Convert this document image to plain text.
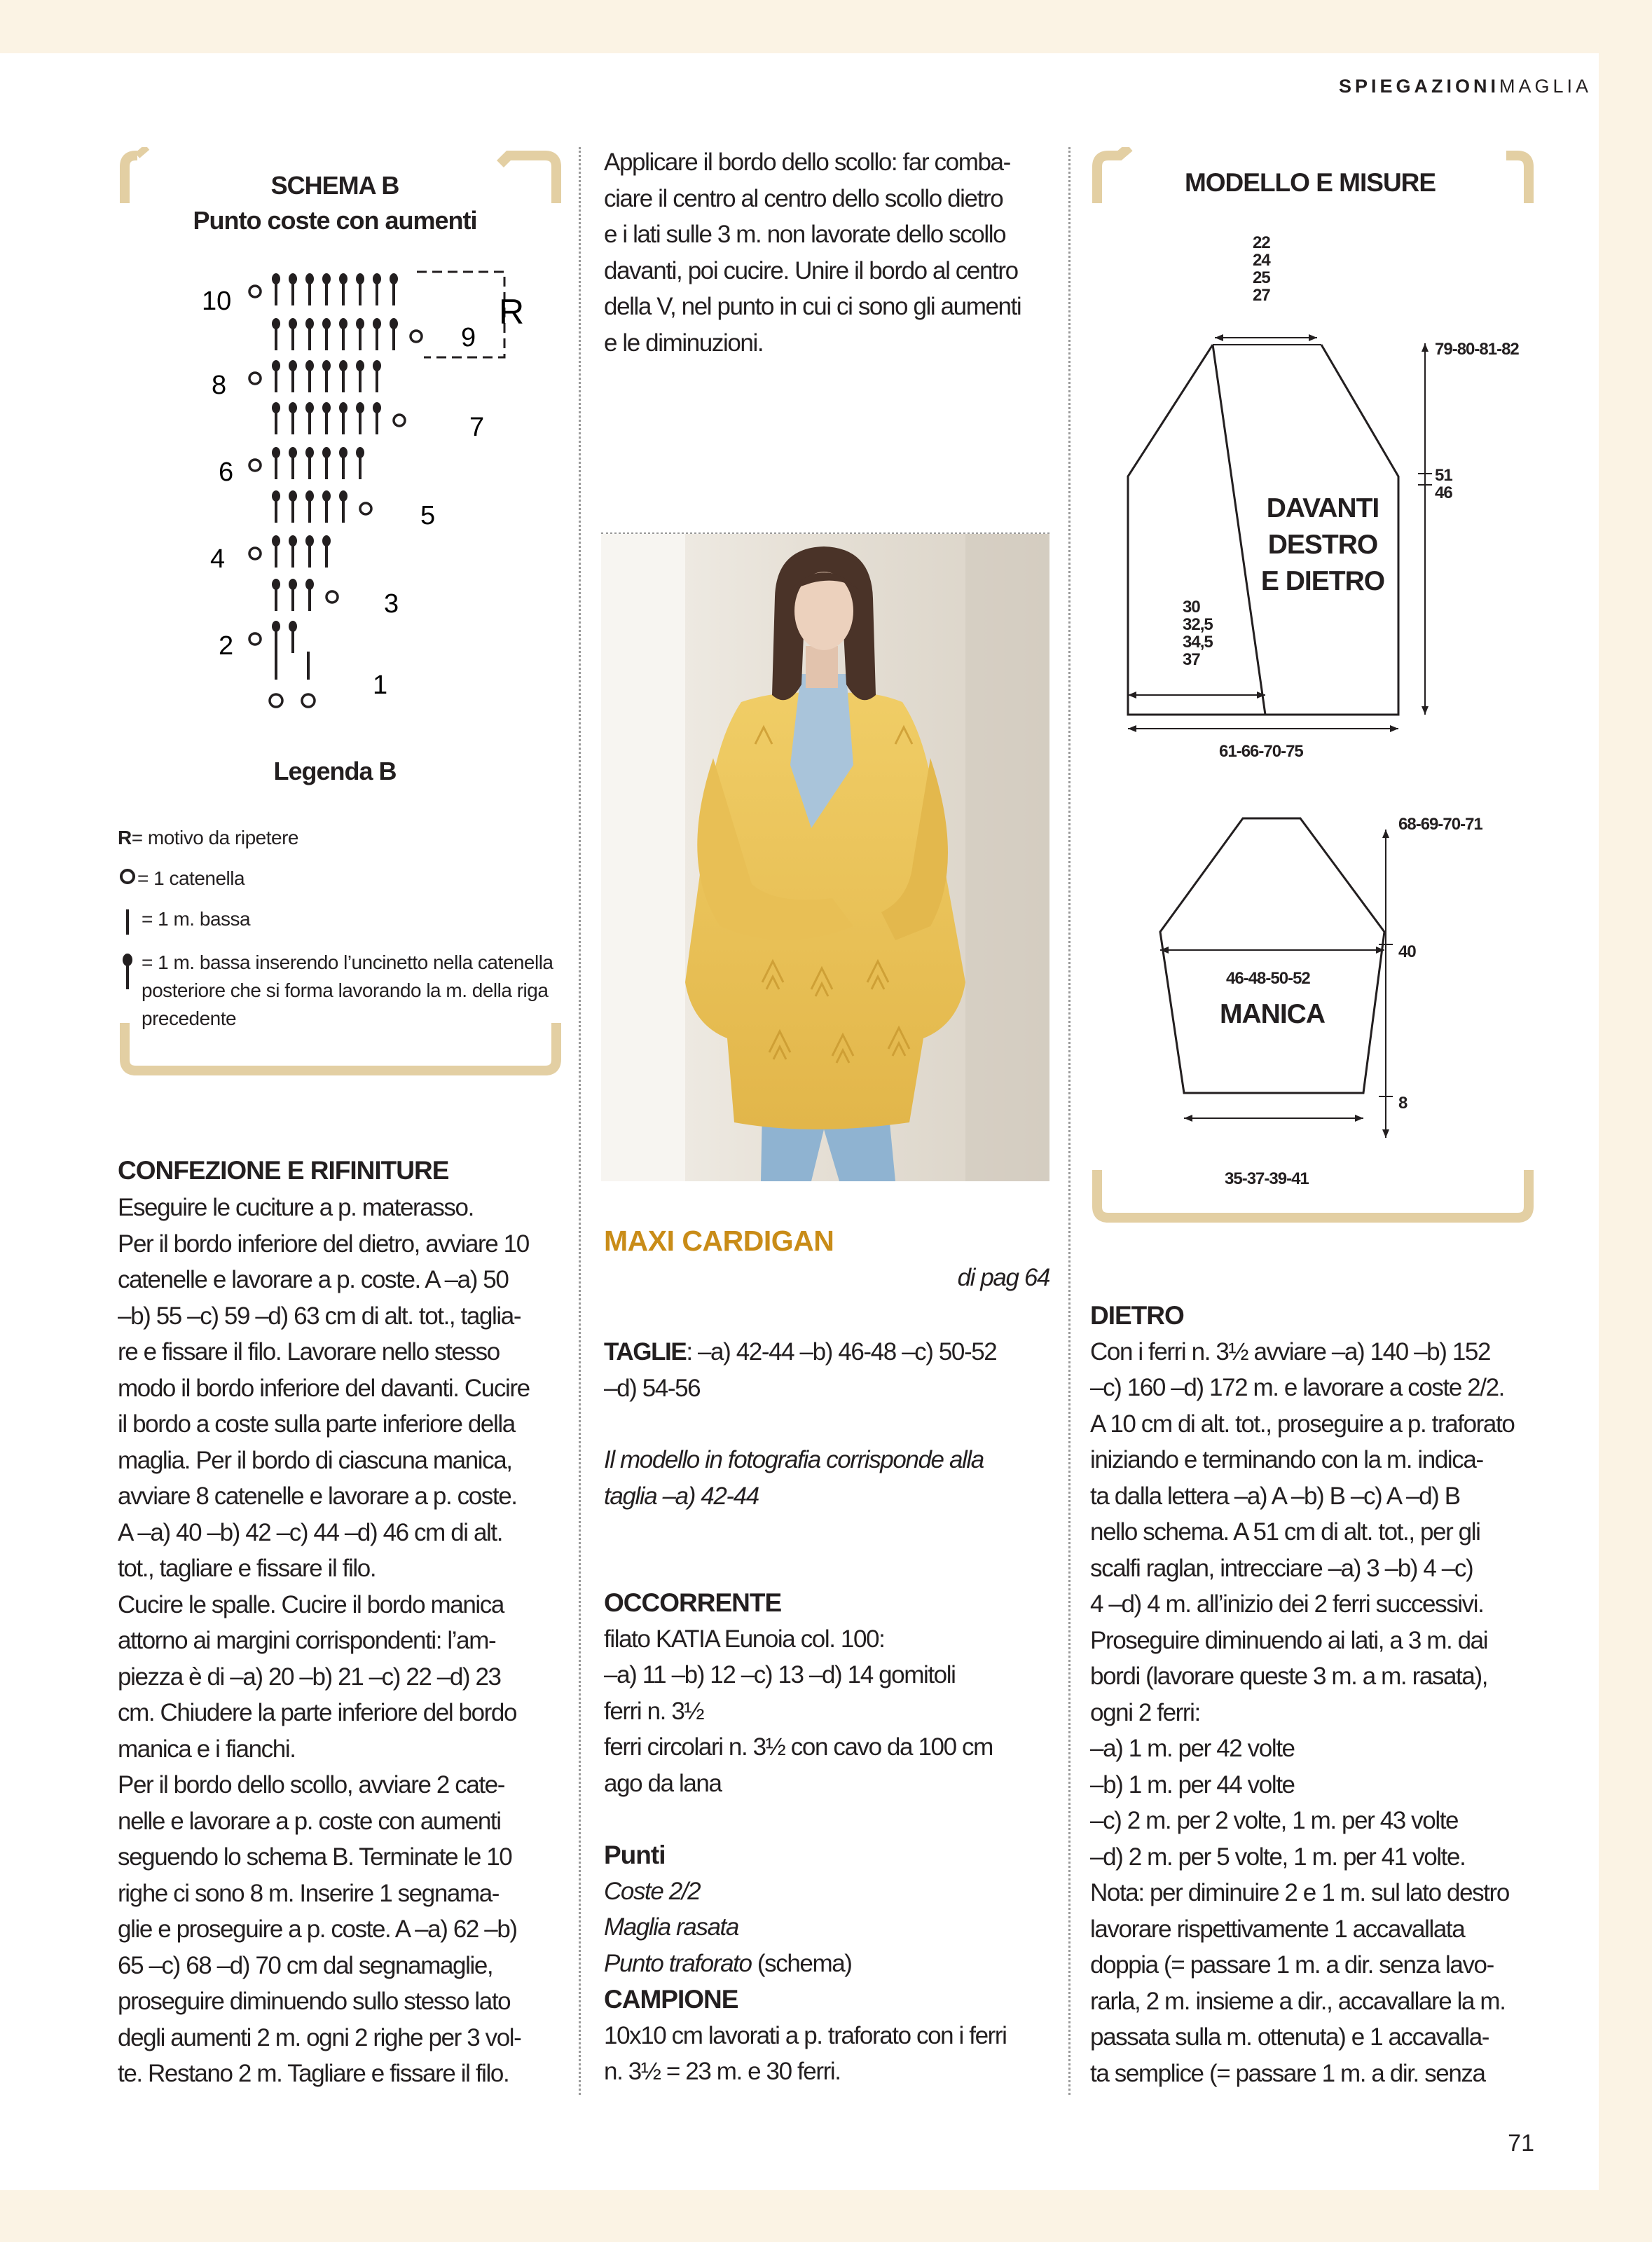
SPIEGAZIONIMAGLIA
SCHEMA B
Punto coste con aumenti
R
10
9
8
7
6
5
4
3
2
1
Legenda B
R = motivo da ripetere
= 1 catenella
= 1 m. bassa
= 1 m. bassa inserendo l’uncinetto nella catenella posteriore che si forma lavorando la m. della riga precedente

CONFEZIONE E RIFINITURE

Eseguire le cuciture a p. materasso.

Per il bordo inferiore del dietro, avviare 10

catenelle e lavorare a p. coste. A –a) 50

–b) 55 –c) 59 –d) 63 cm di alt. tot., taglia-

re e fissare il filo. Lavorare nello stesso

modo il bordo inferiore del davanti. Cucire

il bordo a coste sulla parte inferiore della

maglia. Per il bordo di ciascuna manica,

avviare 8 catenelle e lavorare a p. coste.

A –a) 40 –b) 42 –c) 44 –d) 46 cm di alt.

tot., tagliare e fissare il filo.

Cucire le spalle. Cucire il bordo manica

attorno ai margini corrispondenti: l’am-

piezza è di –a) 20 –b) 21 –c) 22 –d) 23

cm. Chiudere la parte inferiore del bordo

manica e i fianchi.

Per il bordo dello scollo, avviare 2 cate-

nelle e lavorare a p. coste con aumenti

seguendo lo schema B. Terminate le 10

righe ci sono 8 m. Inserire 1 segnama-

glie e proseguire a p. coste. A –a) 62 –b)

65 –c) 68 –d) 70 cm dal segnamaglie,

proseguire diminuendo sullo stesso lato

degli aumenti 2 m. ogni 2 righe per 3 vol-

te. Restano 2 m. Tagliare e fissare il filo.

Applicare il bordo dello scollo: far comba-

ciare il centro al centro dello scollo dietro

e i lati sulle 3 m. non lavorate dello scollo

davanti, poi cucire. Unire il bordo al centro

della V, nel punto in cui ci sono gli aumenti

e le diminuzioni.

MAXI CARDIGAN
di pag 64

TAGLIE: –a) 42-44 –b) 46-48 –c) 50-52

–d) 54-56

Il modello in fotografia corrisponde alla

taglia –a) 42-44

OCCORRENTE

filato KATIA Eunoia col. 100:

–a) 11 –b) 12 –c) 13 –d) 14 gomitoli

ferri n. 3½

ferri circolari n. 3½ con cavo da 100 cm

ago da lana

Punti

Coste 2/2

Maglia rasata

Punto traforato (schema)

CAMPIONE

10x10 cm lavorati a p. traforato con i ferri

n. 3½ = 23 m. e 30 ferri.

MODELLO E MISURE
22
24
25
27
79-80-81-82
51
46
30
32,5
34,5
37
61-66-70-75
DAVANTI
DESTRO
E DIETRO
68-69-70-71
40
46-48-50-52
MANICA
8
35-37-39-41

DIETRO

Con i ferri n. 3½ avviare –a) 140 –b) 152

–c) 160 –d) 172 m. e lavorare a coste 2/2.

A 10 cm di alt. tot., proseguire a p. traforato

iniziando e terminando con la m. indica-

ta dalla lettera –a) A –b) B –c) A –d) B

nello schema. A 51 cm di alt. tot., per gli

scalfi raglan, intrecciare –a) 3 –b) 4 –c)

4 –d) 4 m. all’inizio dei 2 ferri successivi.

Proseguire diminuendo ai lati, a 3 m. dai

bordi (lavorare queste 3 m. a m. rasata),

ogni 2 ferri:

–a) 1 m. per 42 volte

–b) 1 m. per 44 volte

–c) 2 m. per 2 volte, 1 m. per 43 volte

–d) 2 m. per 5 volte, 1 m. per 41 volte.

Nota: per diminuire 2 e 1 m. sul lato destro

lavorare rispettivamente 1 accavallata

doppia (= passare 1 m. a dir. senza lavo-

rarla, 2 m. insieme a dir., accavallare la m.

passata sulla m. ottenuta) e 1 accavalla-

ta semplice (= passare 1 m. a dir. senza

71
